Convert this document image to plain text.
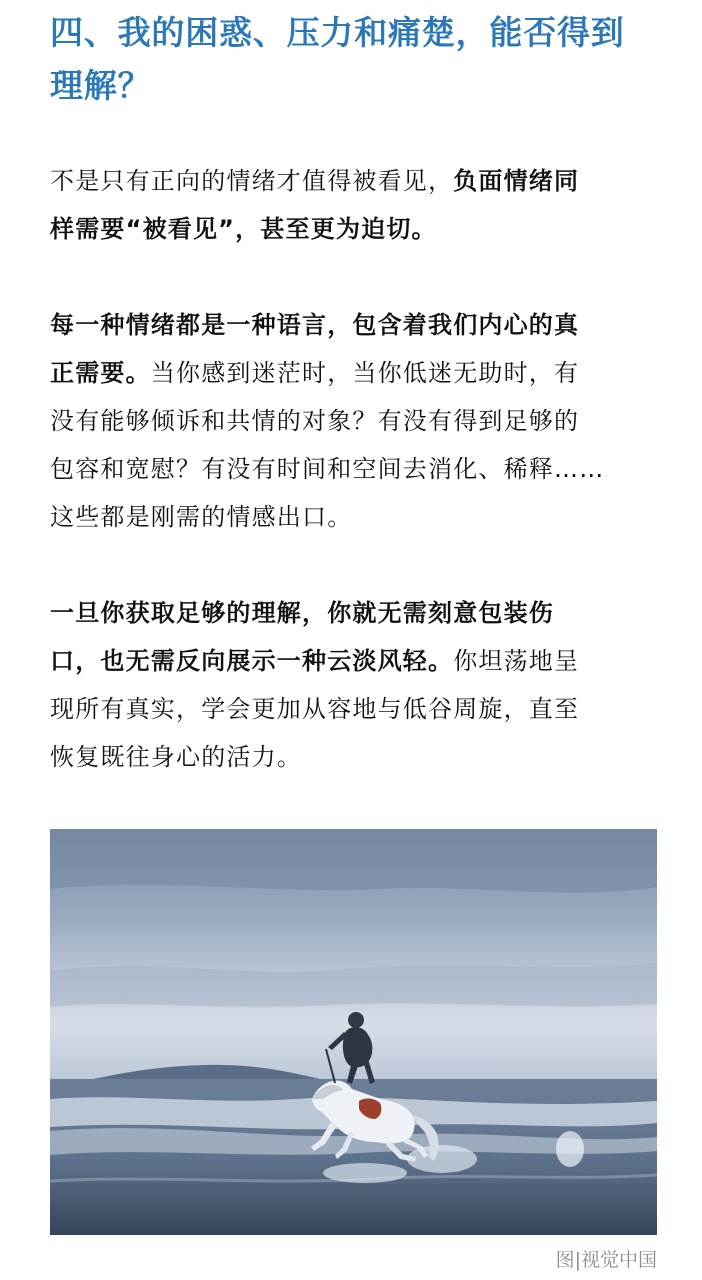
四、我的困惑、压力和痛楚，能否得到
理解？
不是只有正向的情绪才值得被看见，负面情绪同
样需要“被看见”，甚至更为迫切。
每一种情绪都是一种语言，包含着我们内心的真
正需要。当你感到迷茫时，当你低迷无助时，有
没有能够倾诉和共情的对象？有没有得到足够的
包容和宽慰？有没有时间和空间去消化、稀释……
这些都是刚需的情感出口。
一旦你获取足够的理解，你就无需刻意包装伤
口，也无需反向展示一种云淡风轻。你坦荡地呈
现所有真实，学会更加从容地与低谷周旋，直至
恢复既往身心的活力。
图|视觉中国
